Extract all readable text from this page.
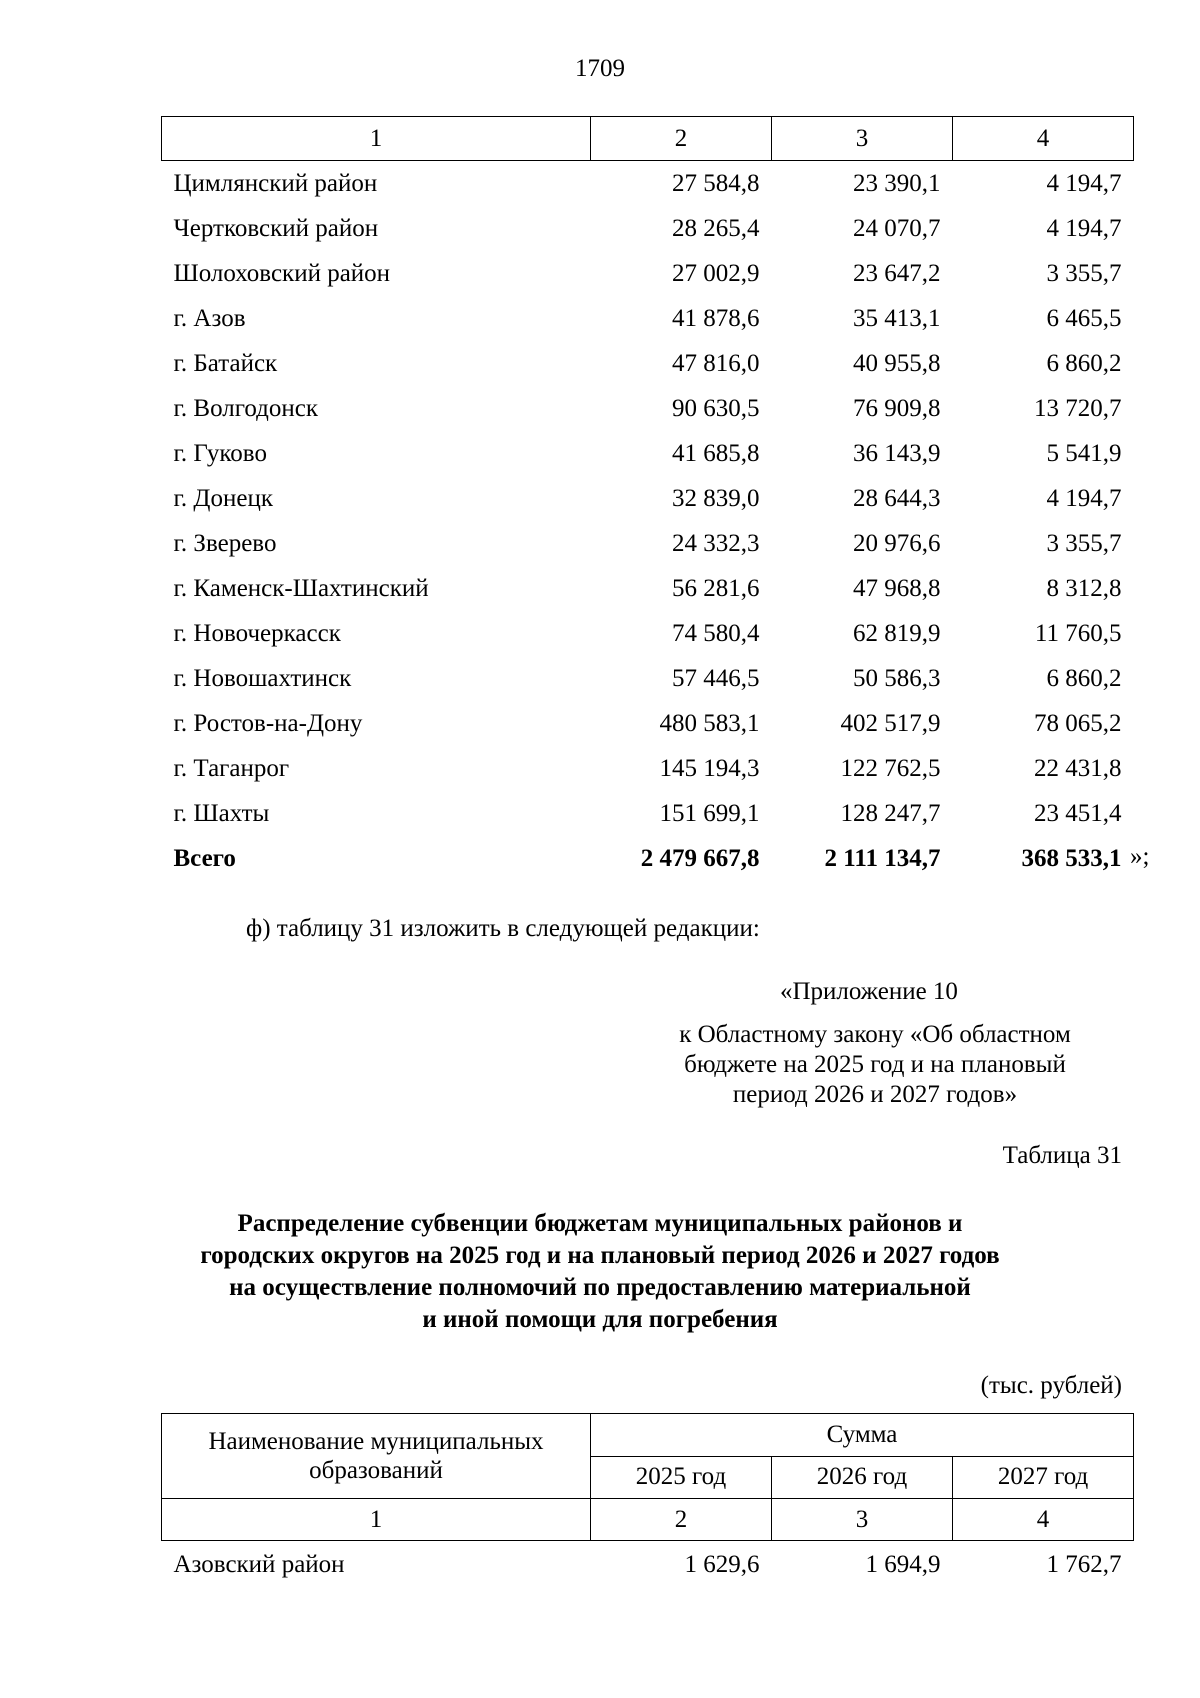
1709
1	2	3	4
Цимлянский район	27 584,8	23 390,1	4 194,7
Чертковский район	28 265,4	24 070,7	4 194,7
Шолоховский район	27 002,9	23 647,2	3 355,7
г. Азов	41 878,6	35 413,1	6 465,5
г. Батайск	47 816,0	40 955,8	6 860,2
г. Волгодонск	90 630,5	76 909,8	13 720,7
г. Гуково	41 685,8	36 143,9	5 541,9
г. Донецк	32 839,0	28 644,3	4 194,7
г. Зверево	24 332,3	20 976,6	3 355,7
г. Каменск-Шахтинский	56 281,6	47 968,8	8 312,8
г. Новочеркасск	74 580,4	62 819,9	11 760,5
г. Новошахтинск	57 446,5	50 586,3	6 860,2
г. Ростов-на-Дону	480 583,1	402 517,9	78 065,2
г. Таганрог	145 194,3	122 762,5	22 431,8
г. Шахты	151 699,1	128 247,7	23 451,4
Всего	2 479 667,8	2 111 134,7	368 533,1 »;
ф) таблицу 31 изложить в следующей редакции:
«Приложение 10
к Областному закону «Об областном
бюджете на 2025 год и на плановый
период 2026 и 2027 годов»
Таблица 31
Распределение субвенции бюджетам муниципальных районов и
городских округов на 2025 год и на плановый период 2026 и 2027 годов
на осуществление полномочий по предоставлению материальной
и иной помощи для погребения
(тыс. рублей)
Наименование муниципальных образований	Сумма		
	2025 год	2026 год	2027 год
1	2	3	4
Азовский район	1 629,6	1 694,9	1 762,7
